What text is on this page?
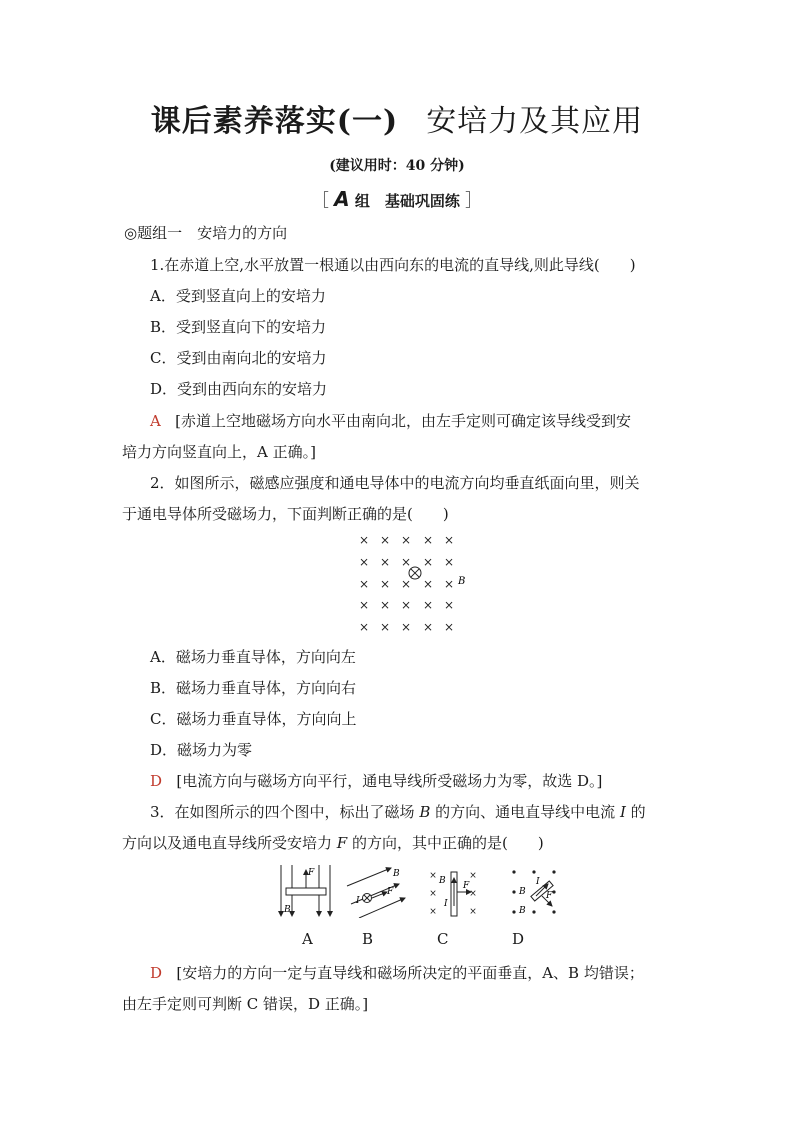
课后素养落实(一) 安培力及其应用
(建议用时：40 分钟)
［ A 组　基础巩固练 ］
◎题组一　安培力的方向
1.在赤道上空,水平放置一根通以由西向东的电流的直导线,则此导线(　　)
A．受到竖直向上的安培力
B．受到竖直向下的安培力
C．受到由南向北的安培力
D．受到由西向东的安培力
A [赤道上空地磁场方向水平由南向北，由左手定则可确定该导线受到安
培力方向竖直向上，A 正确。]
2．如图所示，磁感应强度和通电导体中的电流方向均垂直纸面向里，则关
于通电导体所受磁场力，下面判断正确的是(　　)
× × × × ×
× × × × ×
× × × × ×
× × × × ×
× × × × ×
B
A．磁场力垂直导体，方向向左
B．磁场力垂直导体，方向向右
C．磁场力垂直导体，方向向上
D．磁场力为零
D [电流方向与磁场方向平行，通电导线所受磁场力为零，故选 D。]
3．在如图所示的四个图中，标出了磁场 B 的方向、通电直导线中电流 I 的
方向以及通电直导线所受安培力 F 的方向，其中正确的是(　　)
F
B
I
F
B	×	×
×	×
×	×
B
I
F	I
F
B
B
A	B	C	D
D [安培力的方向一定与直导线和磁场所决定的平面垂直，A、B 均错误；
由左手定则可判断 C 错误，D 正确。]
